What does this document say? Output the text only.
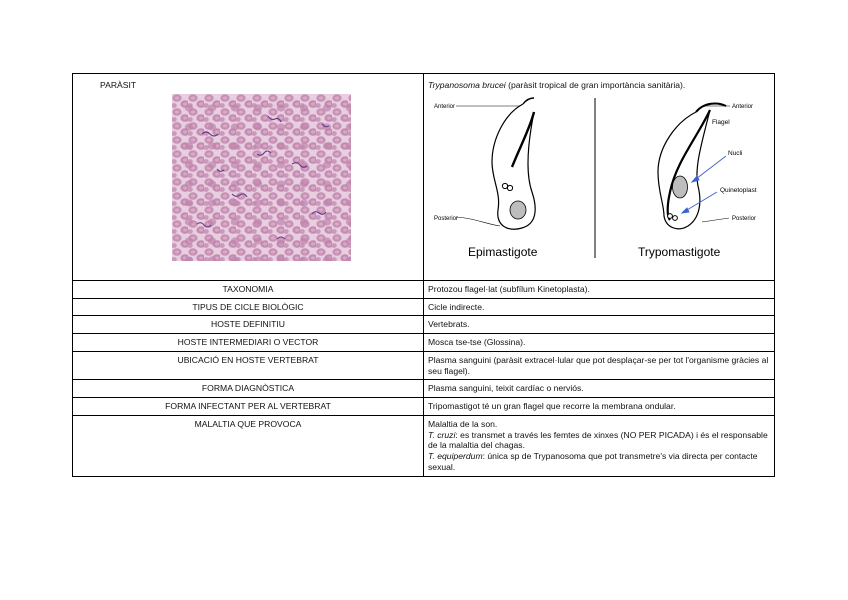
TAXONOMIA	Protozou flagel·lat (subfílum Kinetoplasta).
TIPUS DE CICLE BIOLÒGIC	Cicle indirecte.
HOSTE DEFINITIU	Vertebrats.
HOSTE INTERMEDIARI O VECTOR	Mosca tse-tse (Glossina).
UBICACIÓ EN HOSTE VERTEBRAT	Plasma sanguini (paràsit extracel·lular que pot desplaçar-se per tot l'organisme gràcies al seu flagel).
FORMA DIAGNÒSTICA	Plasma sanguini, teixit cardíac o nerviós.
FORMA INFECTANT PER AL VERTEBRAT	Tripomastigot té un gran flagel que recorre la membrana ondular.
MALALTIA QUE PROVOCA	Malaltia de la son.
T. cruzi: es transmet a través les femtes de xinxes (NO PER PICADA) i és el responsable de la malaltia del chagas.
T. equiperdum: única sp de Trypanosoma que pot transmetre's via directa per contacte sexual.
PARÀSIT	Trypanosoma brucei (paràsit tropical de gran importància sanitària).
Anterior
Posterior
Anterior
Flagel
Nucli
Quinetoplast
Posterior
Epimastigote	Trypomastigote
